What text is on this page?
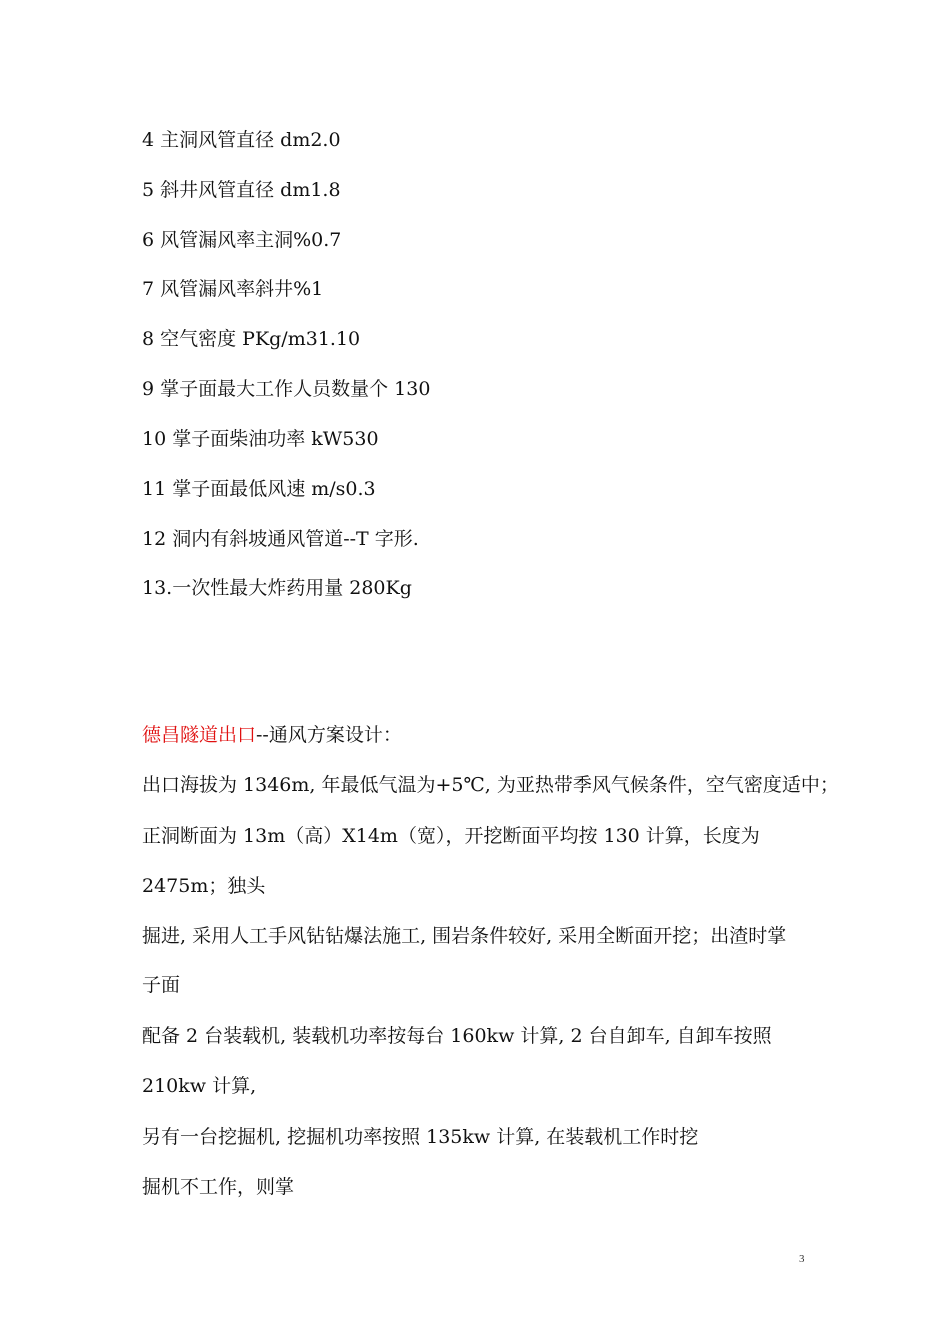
4 主洞风管直径 dm2.0
5 斜井风管直径 dm1.8
6 风管漏风率主洞%0.7
7 风管漏风率斜井%1
8 空气密度 PKg/m31.10
9 掌子面最大工作人员数量个 130
10 掌子面柴油功率 kW530
11 掌子面最低风速 m/s0.3
12 洞内有斜坡通风管道--T 字形.
13.一次性最大炸药用量 280Kg
德昌隧道出口--通风方案设计：
出口海拔为 1346m, 年最低气温为+5℃, 为亚热带季风气候条件，空气密度适中；
正洞断面为 13m（高）X14m（宽），开挖断面平均按 130 计算，长度为
2475m；独头
掘进, 采用人工手风钻钻爆法施工, 围岩条件较好, 采用全断面开挖；出渣时掌
子面
配备 2 台装载机, 装载机功率按每台 160kw 计算, 2 台自卸车, 自卸车按照
210kw 计算,
另有一台挖掘机, 挖掘机功率按照 135kw 计算, 在装载机工作时挖
掘机不工作，则掌
3
